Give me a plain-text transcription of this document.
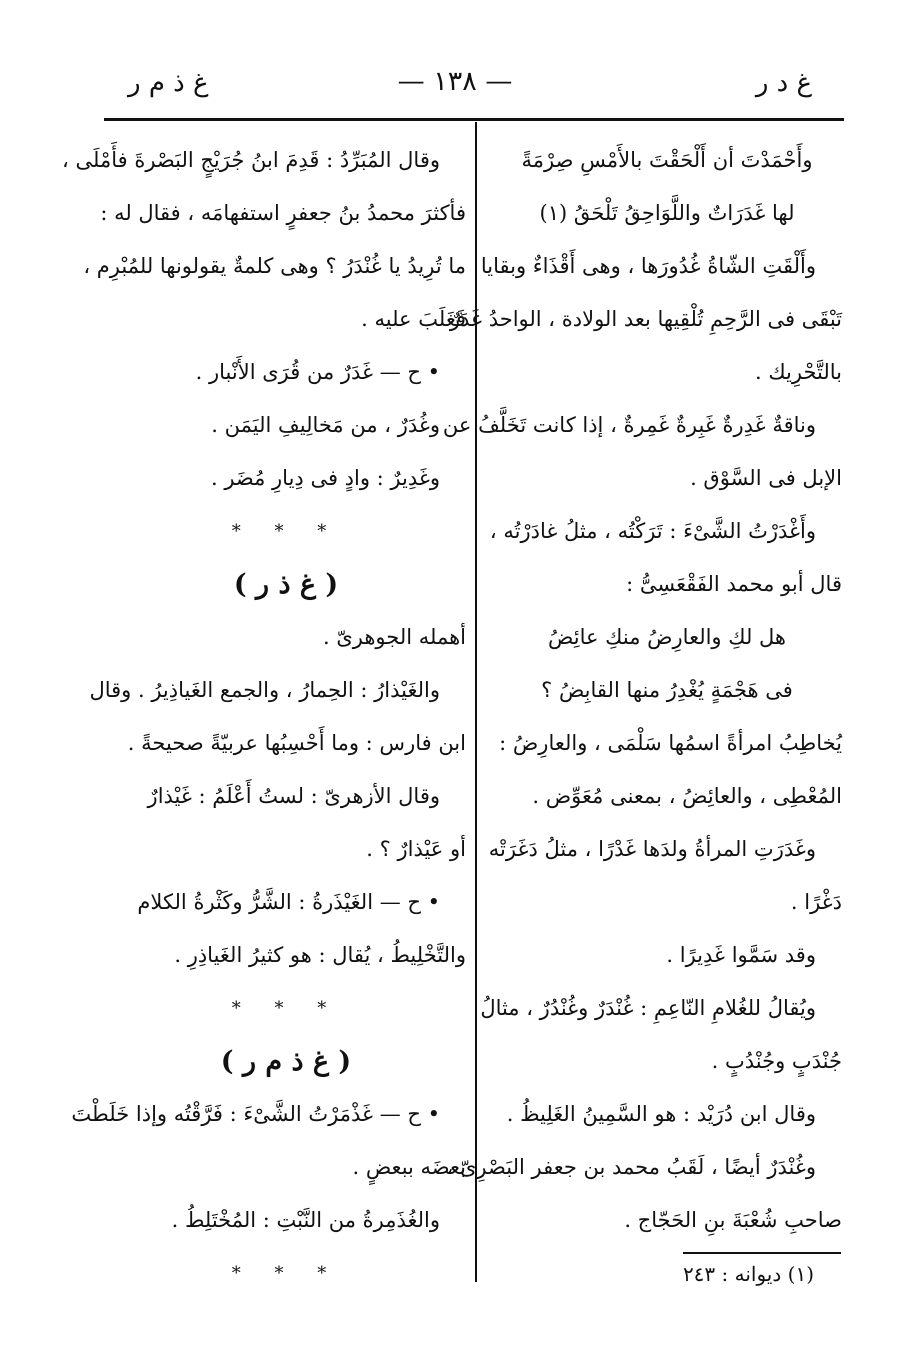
غ د ر
— ١٣٨ —
غ ذ م ر
وأَحْمَدْتَ أن أَلْحَقْتَ بالأَمْسِ صِرْمَةً
لها غَدَرَاتٌ واللَّوَاحِقُ تَلْحَقُ (١)
وأَلْقَتِ الشّاةُ غُدُورَها ، وهى أَقْذَاءٌ وبقايا
تَبْقَى فى الرَّحِمِ تُلْقِيها بعد الولادة ، الواحدُ غَدَرٌ
بالتَّحْرِيك .
وناقةٌ غَدِرةٌ غَبِرةٌ غَمِرةٌ ، إذا كانت تَخَلَّفُ عن
الإبل فى السَّوْق .
وأَغْدَرْتُ الشَّىْءَ : تَرَكْتُه ، مثلُ غادَرْتُه ،
قال أبو محمد الفَقْعَسِىُّ :
هل لكِ والعارِضُ منكِ عائِضُ
فى هَجْمَةٍ يُغْدِرُ منها القابِضُ ؟
يُخاطِبُ امرأةً اسمُها سَلْمَى ، والعارِضُ :
المُعْطِى ، والعائِضُ ، بمعنى مُعَوِّض .
وغَدَرَتِ المرأةُ ولدَها غَدْرًا ، مثلُ دَغَرَتْه
دَغْرًا .
وقد سَمَّوا غَدِيرًا .
ويُقالُ للغُلامِ النّاعِمِ : غُنْدَرٌ وغُنْدُرٌ ، مثالُ
جُنْدَبٍ وجُنْدُبٍ .
وقال ابن دُرَيْد : هو السَّمِينُ الغَلِيظُ .
وغُنْدَرٌ أيضًا ، لَقَبُ محمد بن جعفر البَصْرِىّ ،
صاحبِ شُعْبَةَ بنِ الحَجّاج .
وقال المُبَرِّدُ : قَدِمَ ابنُ جُرَيْجٍ البَصْرةَ فأَمْلَى ،
فأكثرَ محمدُ بنُ جعفرٍ استفهامَه ، فقال له :
ما تُرِيدُ يا غُنْدَرُ ؟ وهى كلمةٌ يقولونها للمُبْرِم ،
فَغَلَبَ عليه .
• ح — غَدَرٌ من قُرَى الأَنْبار .
وغُدَرٌ ، من مَخالِيفِ اليَمَن .
وغَدِيرٌ : وادٍ فى دِيارِ مُضَر .
* * *
( غ ذ ر )
أهمله الجوهرىّ .
والغَيْذارُ : الحِمارُ ، والجمع الغَياذِيرُ . وقال
ابن فارس : وما أَحْسِبُها عربيّةً صحيحةً .
وقال الأزهرىّ : لستُ أَعْلَمُ : غَيْذارٌ
أو عَيْذارٌ ؟ .
• ح — الغَيْذَرةُ : الشَّرُّ وكَثْرةُ الكلام
والتَّخْلِيطُ ، يُقال : هو كثيرُ الغَياذِرِ .
* * *
( غ ذ م ر )
• ح — غَذْمَرْتُ الشَّىْءَ : فَرَّقْتُه وإذا خَلَطْتَ
بعضَه ببعضٍ .
والغُذَمِرةُ من النَّبْتِ : المُخْتَلِطُ .
* * *	(١) ديوانه : ٢٤٣
